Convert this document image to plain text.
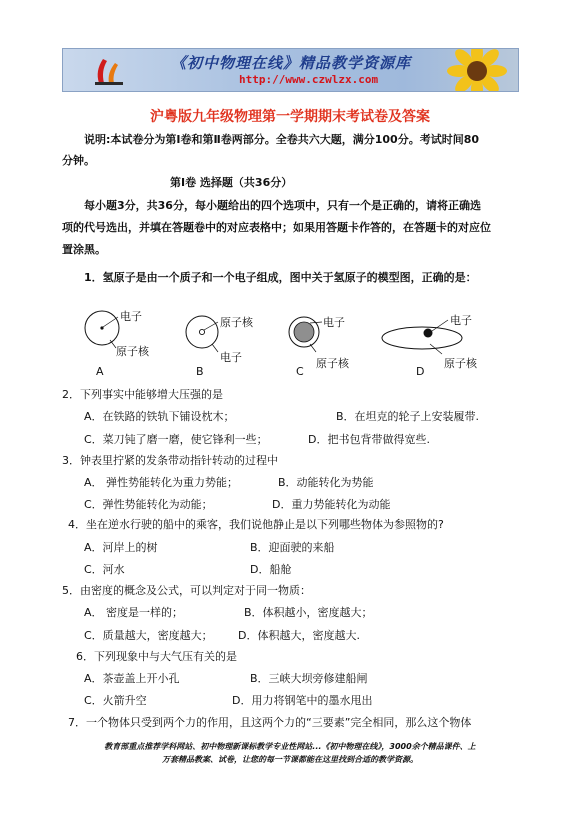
《初中物理在线》精品教学资源库
http://www.czwlzx.com
沪粤版九年级物理第一学期期末考试卷及答案
说明:本试卷分为第Ⅰ卷和第Ⅱ卷两部分。全卷共六大题，满分100分。考试时间80
分钟。
第Ⅰ卷 选择题（共36分）
每小题3分，共36分，每小题给出的四个选项中，只有一个是正确的，请将正确选
项的代号选出，并填在答题卷中的对应表格中；如果用答题卡作答的，在答题卡的对应位
置涂黑。
1．氢原子是由一个质子和一个电子组成，图中关于氢原子的模型图，正确的是：
电子
原子核
A
原子核
电子
B
电子
原子核
C
电子
原子核
D
2．下列事实中能够增大压强的是
A．在铁路的铁轨下铺设枕木；	B．在坦克的轮子上安装履带.
C．菜刀钝了磨一磨，使它锋利一些；	D．把书包背带做得宽些.
3．钟表里拧紧的发条带动指针转动的过程中
A． 弹性势能转化为重力势能；	B．动能转化为势能
C．弹性势能转化为动能；	D．重力势能转化为动能
4．坐在逆水行驶的船中的乘客，我们说他静止是以下列哪些物体为参照物的?
A．河岸上的树	B．迎面驶的来船
C．河水	D．船舱
5．由密度的概念及公式，可以判定对于同一物质：
A． 密度是一样的；	B．体积越小，密度越大；
C．质量越大，密度越大； D．体积越大，密度越大.
6．下列现象中与大气压有关的是
A．茶壶盖上开小孔	B．三峡大坝旁修建船闸
C．火箭升空	D．用力将钢笔中的墨水甩出
7．一个物体只受到两个力的作用，且这两个力的“三要素”完全相同，那么这个物体
教育部重点推荐学科网站、初中物理新课标教学专业性网站...《初中物理在线》，3000余个精品课件、上
万套精品教案、试卷，让您的每一节课都能在这里找到合适的教学资源。
